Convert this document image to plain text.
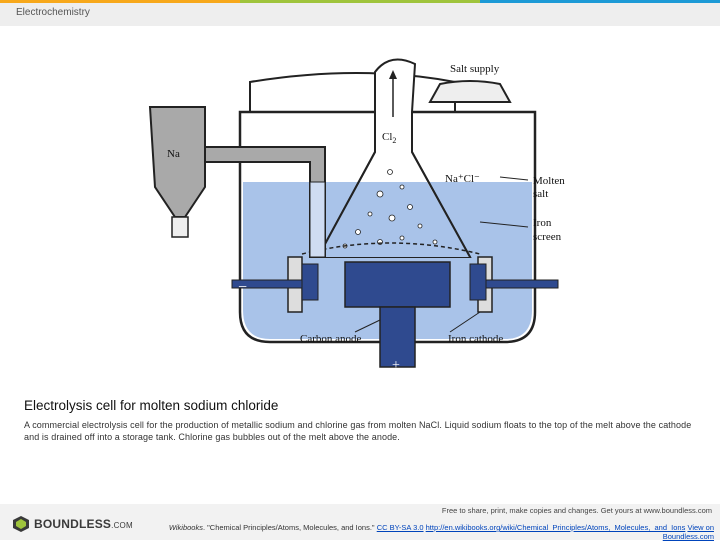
Electrochemistry
Salt supply
Na
$Cl_2$
Na⁺Cl⁻	Molten
salt
Iron
screen
−
Carbon anode	Iron cathode
+
Electrolysis cell for molten sodium chloride
A commercial electrolysis cell for the production of metallic sodium and chlorine gas from molten NaCl. Liquid sodium floats to the top of the melt above the cathode and is drained off into a storage tank. Chlorine gas bubbles out of the melt above the anode.
BOUNDLESS.COM
Free to share, print, make copies and changes. Get yours at www.boundless.com
Wikibooks. "Chemical Principles/Atoms, Molecules, and Ions." CC BY-SA 3.0 http://en.wikibooks.org/wiki/Chemical_Principles/Atoms,_Molecules,_and_Ions View on Boundless.com
